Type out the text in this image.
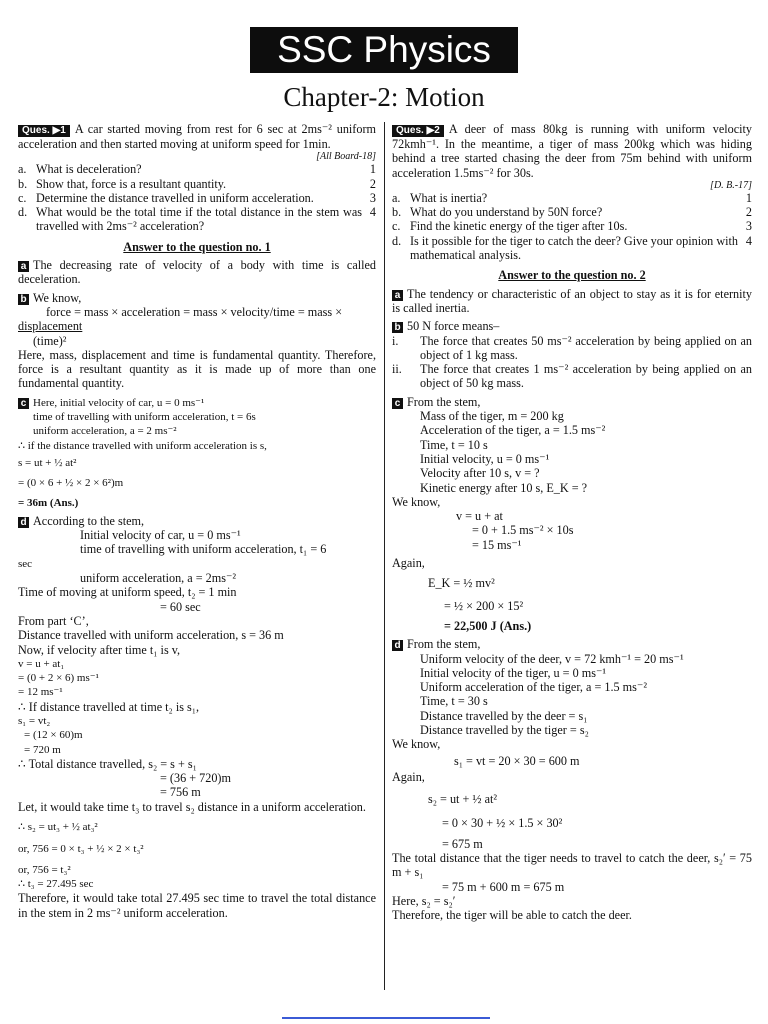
SSC Physics
Chapter-2: Motion

Ques. ▶1 A car started moving from rest for 6 sec at 2ms⁻² uniform acceleration and then started moving at uniform speed for 1min.
[All Board-18]

a. What is deceleration?	1
b. Show that, force is a resultant quantity.	2
c. Determine the distance travelled in uniform acceleration.	3
d. What would be the total time if the total distance in the stem was travelled with 2ms⁻² acceleration?
4
Answer to the question no. 1

a The decreasing rate of velocity of a body with time is called deceleration.

b We know,

force = mass × acceleration = mass × velocity/time = mass ×

displacement

(time)²

Here, mass, displacement and time is fundamental quantity. Therefore, force is a resultant quantity as it is made up of more than one fundamental quantity.

c Here, initial velocity of car, u = 0 ms⁻¹

time of travelling with uniform acceleration, t = 6s

uniform acceleration, a = 2 ms⁻²

∴ if the distance travelled with uniform acceleration is s,

s = ut + ½ at²

= (0 × 6 + ½ × 2 × 6²)m

= 36m (Ans.)

d According to the stem,

Initial velocity of car, u = 0 ms⁻¹

time of travelling with uniform acceleration, t₁ = 6

sec

uniform acceleration, a = 2ms⁻²

Time of moving at uniform speed, t₂ = 1 min

= 60 sec

From part ‘C’,

Distance travelled with uniform acceleration, s = 36 m

Now, if velocity after time t₁ is v,

v = u + at₁

= (0 + 2 × 6) ms⁻¹

= 12 ms⁻¹

∴ If distance travelled at time t₂ is s₁,

s₁ = vt₂

= (12 × 60)m

= 720 m

∴ Total distance travelled, s₂ = s + s₁

= (36 + 720)m

= 756 m

Let, it would take time t₃ to travel s₂ distance in a uniform acceleration.

∴ s₂ = ut₃ + ½ at₃²

or, 756 = 0 × t₃ + ½ × 2 × t₃²

or, 756 = t₃²

∴ t₃ = 27.495 sec

Therefore, it would take total 27.495 sec time to travel the total distance in the stem in 2 ms⁻² uniform acceleration.

Ques. ▶2 A deer of mass 80kg is running with uniform velocity 72kmh⁻¹. In the meantime, a tiger of mass 200kg which was hiding behind a tree started chasing the deer from 75m behind with uniform acceleration 1.5ms⁻² for 30s.
[D. B.-17]

a. What is inertia?	1
b. What do you understand by 50N force?	2
c. Find the kinetic energy of the tiger after 10s.	3
d. Is it possible for the tiger to catch the deer? Give your opinion with mathematical analysis.
4
Answer to the question no. 2

a The tendency or characteristic of an object to stay as it is for eternity is called inertia.

b 50 N force means–

i.	The force that creates 50 ms⁻² acceleration by being applied on an object of 1 kg mass.
ii.	The force that creates 1 ms⁻² acceleration by being applied on an object of 50 kg mass.

c From the stem,

Mass of the tiger, m = 200 kg

Acceleration of the tiger, a = 1.5 ms⁻²

Time, t = 10 s

Initial velocity, u = 0 ms⁻¹

Velocity after 10 s, v = ?

Kinetic energy after 10 s, E_K = ?

We know,

v = u + at

= 0 + 1.5 ms⁻² × 10s

= 15 ms⁻¹

Again,

E_K = ½ mv²

= ½ × 200 × 15²

= 22,500 J (Ans.)

d From the stem,

Uniform velocity of the deer, v = 72 kmh⁻¹ = 20 ms⁻¹

Initial velocity of the tiger, u = 0 ms⁻¹

Uniform acceleration of the tiger, a = 1.5 ms⁻²

Time, t = 30 s

Distance travelled by the deer = s₁

Distance travelled by the tiger = s₂

We know,

s₁ = vt = 20 × 30 = 600 m

Again,

s₂ = ut + ½ at²

= 0 × 30 + ½ × 1.5 × 30²

= 675 m

The total distance that the tiger needs to travel to catch the deer, s₂′ = 75 m + s₁

= 75 m + 600 m = 675 m

Here, s₂ = s₂′

Therefore, the tiger will be able to catch the deer.
